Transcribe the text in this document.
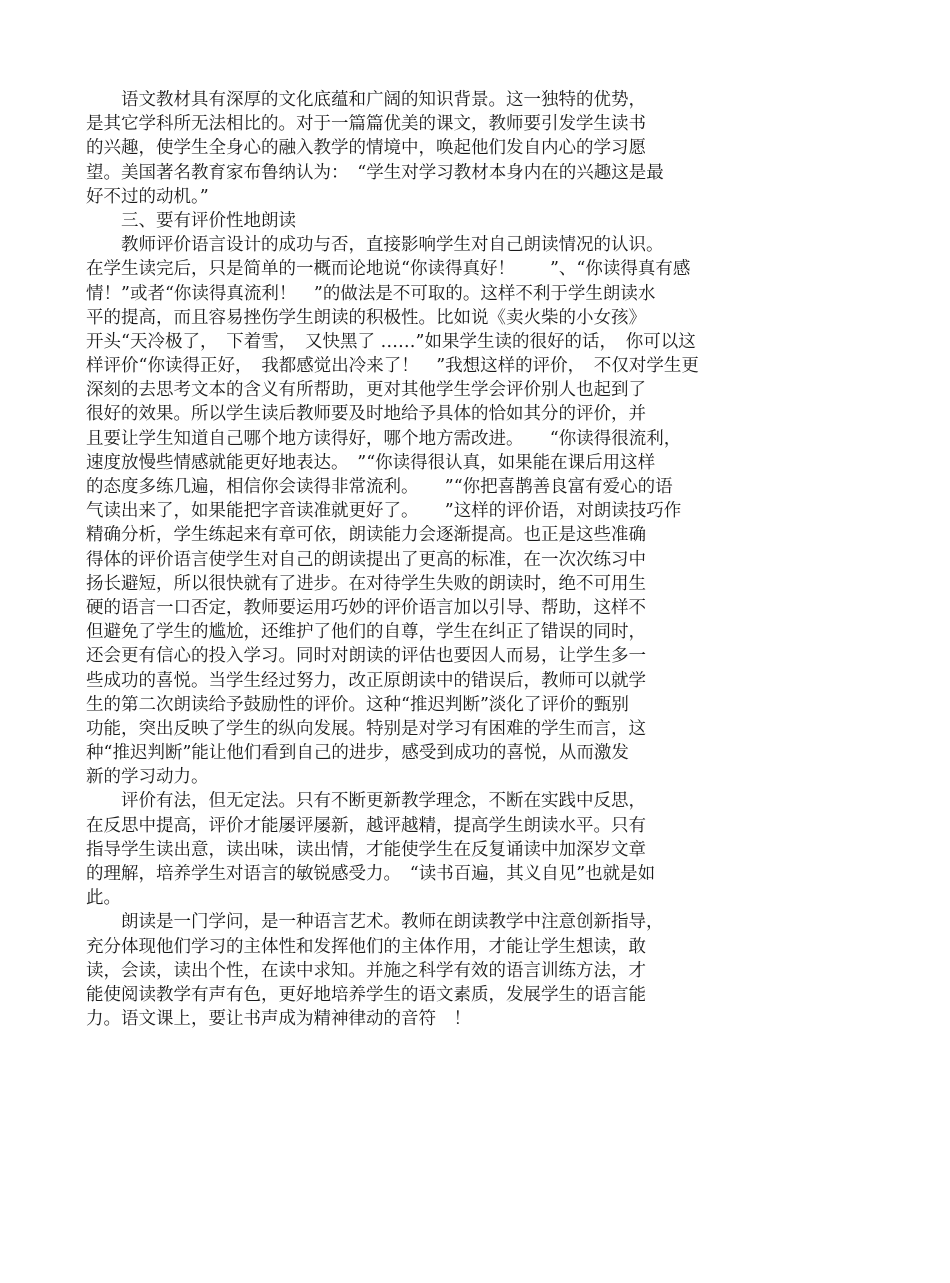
　　语文教材具有深厚的文化底蕴和广阔的知识背景。这一独特的优势，
是其它学科所无法相比的。对于一篇篇优美的课文，教师要引发学生读书
的兴趣，使学生全身心的融入教学的情境中，唤起他们发自内心的学习愿
望。美国著名教育家布鲁纳认为：　“学生对学习教材本身内在的兴趣这是最
好不过的动机。”
　　三、要有评价性地朗读
　　教师评价语言设计的成功与否，直接影响学生对自己朗读情况的认识。
在学生读完后，只是简单的一概而论地说“你读得真好！　　”、“你读得真有感
情！”或者“你读得真流利！　”的做法是不可取的。这样不利于学生朗读水
平的提高，而且容易挫伤学生朗读的积极性。比如说《卖火柴的小女孩》
开头“天冷极了，　下着雪，　又快黑了 ……”如果学生读的很好的话，　你可以这
样评价“你读得正好，　我都感觉出冷来了！　”我想这样的评价，　不仅对学生更
深刻的去思考文本的含义有所帮助，更对其他学生学会评价别人也起到了
很好的效果。所以学生读后教师要及时地给予具体的恰如其分的评价，并
且要让学生知道自己哪个地方读得好，哪个地方需改进。　　“你读得很流利，
速度放慢些情感就能更好地表达。　”“你读得很认真，如果能在课后用这样
的态度多练几遍，相信你会读得非常流利。　　”“你把喜鹊善良富有爱心的语
气读出来了，如果能把字音读准就更好了。　　”这样的评价语，对朗读技巧作
精确分析，学生练起来有章可依，朗读能力会逐渐提高。也正是这些准确
得体的评价语言使学生对自己的朗读提出了更高的标准，在一次次练习中
扬长避短，所以很快就有了进步。在对待学生失败的朗读时，绝不可用生
硬的语言一口否定，教师要运用巧妙的评价语言加以引导、帮助，这样不
但避免了学生的尴尬，还维护了他们的自尊，学生在纠正了错误的同时，
还会更有信心的投入学习。同时对朗读的评估也要因人而易，让学生多一
些成功的喜悦。当学生经过努力，改正原朗读中的错误后，教师可以就学
生的第二次朗读给予鼓励性的评价。这种“推迟判断”淡化了评价的甄别
功能，突出反映了学生的纵向发展。特别是对学习有困难的学生而言，这
种“推迟判断”能让他们看到自己的进步，感受到成功的喜悦，从而激发
新的学习动力。
　　评价有法，但无定法。只有不断更新教学理念，不断在实践中反思，
在反思中提高，评价才能屡评屡新，越评越精，提高学生朗读水平。只有
指导学生读出意，读出味，读出情，才能使学生在反复诵读中加深岁文章
的理解，培养学生对语言的敏锐感受力。　“读书百遍，其义自见”也就是如
此。
　　朗读是一门学问，是一种语言艺术。教师在朗读教学中注意创新指导，
充分体现他们学习的主体性和发挥他们的主体作用，才能让学生想读，敢
读，会读，读出个性，在读中求知。并施之科学有效的语言训练方法，才
能使阅读教学有声有色，更好地培养学生的语文素质，发展学生的语言能
力。语文课上，要让书声成为精神律动的音符　！
